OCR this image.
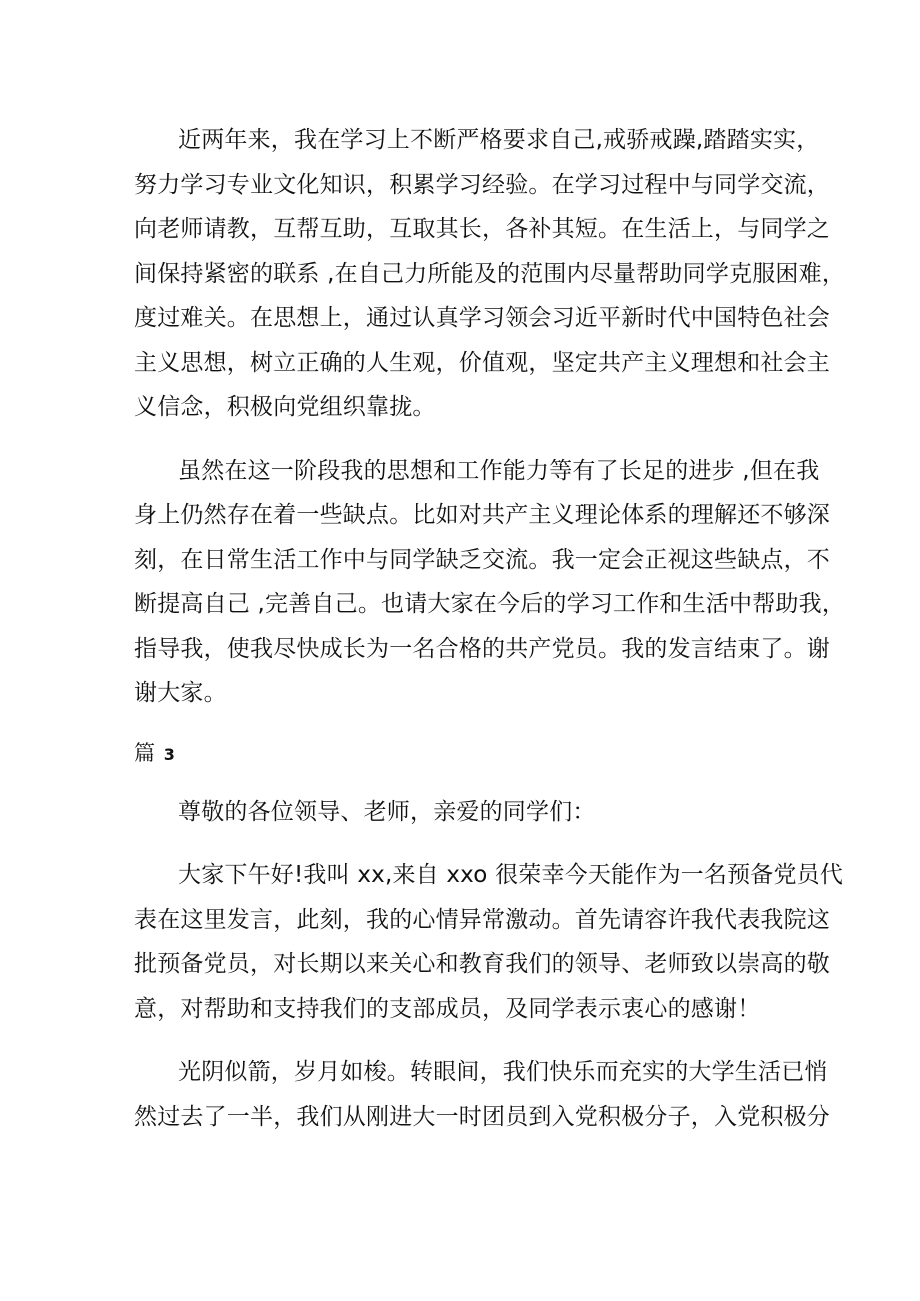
近两年来，我在学习上不断严格要求自己,戒骄戒躁,踏踏实实，
努力学习专业文化知识，积累学习经验。在学习过程中与同学交流，
向老师请教，互帮互助，互取其长，各补其短。在生活上，与同学之
间保持紧密的联系 ,在自己力所能及的范围内尽量帮助同学克服困难，
度过难关。在思想上，通过认真学习领会习近平新时代中国特色社会
主义思想，树立正确的人生观，价值观，坚定共产主义理想和社会主
义信念，积极向党组织靠拢。
虽然在这一阶段我的思想和工作能力等有了长足的进步 ,但在我
身上仍然存在着一些缺点。比如对共产主义理论体系的理解还不够深
刻，在日常生活工作中与同学缺乏交流。我一定会正视这些缺点，不
断提高自己 ,完善自己。也请大家在今后的学习工作和生活中帮助我，
指导我，使我尽快成长为一名合格的共产党员。我的发言结束了。谢
谢大家。
篇 3
尊敬的各位领导、老师，亲爱的同学们：
大家下午好!我叫 xx,来自 xxo 很荣幸今天能作为一名预备党员代
表在这里发言，此刻，我的心情异常激动。首先请容许我代表我院这
批预备党员，对长期以来关心和教育我们的领导、老师致以崇高的敬
意，对帮助和支持我们的支部成员，及同学表示衷心的感谢！
光阴似箭，岁月如梭。转眼间，我们快乐而充实的大学生活已悄
然过去了一半，我们从刚进大一时团员到入党积极分子，入党积极分
